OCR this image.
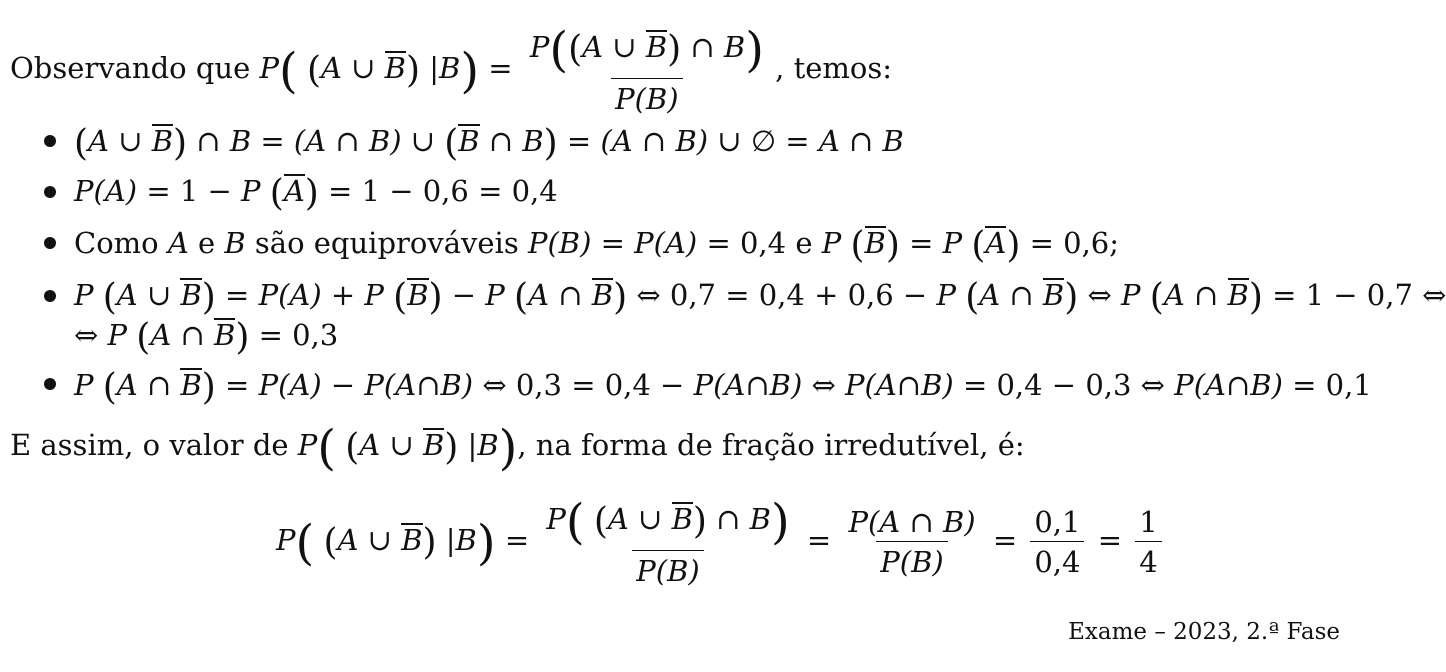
Observando que P( (A ∪ B) $|B) = \frac{P((A \cup B) \cap B)}{P(B)}$ , temos:
(A ∪ B) ∩ B = (A ∩ B) ∪ (B ∩ B) = (A ∩ B) ∪ ∅ = A ∩ B
P(A) = 1 − P (A) = 1 − 0,6 = 0,4
Como A e B são equiprováveis P(B) = P(A) = 0,4 e P (B) = P (A) = 0,6;
P (A ∪ B) = P(A) + P (B) − P (A ∩ B) ⇔ 0,7 = 0,4 + 0,6 − P (A ∩ B) ⇔ P (A ∩ B) = 1 − 0,7 ⇔
⇔ P (A ∩ B) = 0,3
P (A ∩ B) = P(A) − P(A∩B) ⇔ 0,3 = 0,4 − P(A∩B) ⇔ P(A∩B) = 0,4 − 0,3 ⇔ P(A∩B) = 0,1
E assim, o valor de P( (A ∪ B) |B), na forma de fração irredutível, é:
P( (A ∪ B) $|B) = \frac{P( (A \cup B) \cap B)}{P(B)} = \frac{P(A \cap B)}{P(B)} = \frac{0,1}{0,4} = \frac{1}{4}$
Exame – 2023, 2.ª Fase
